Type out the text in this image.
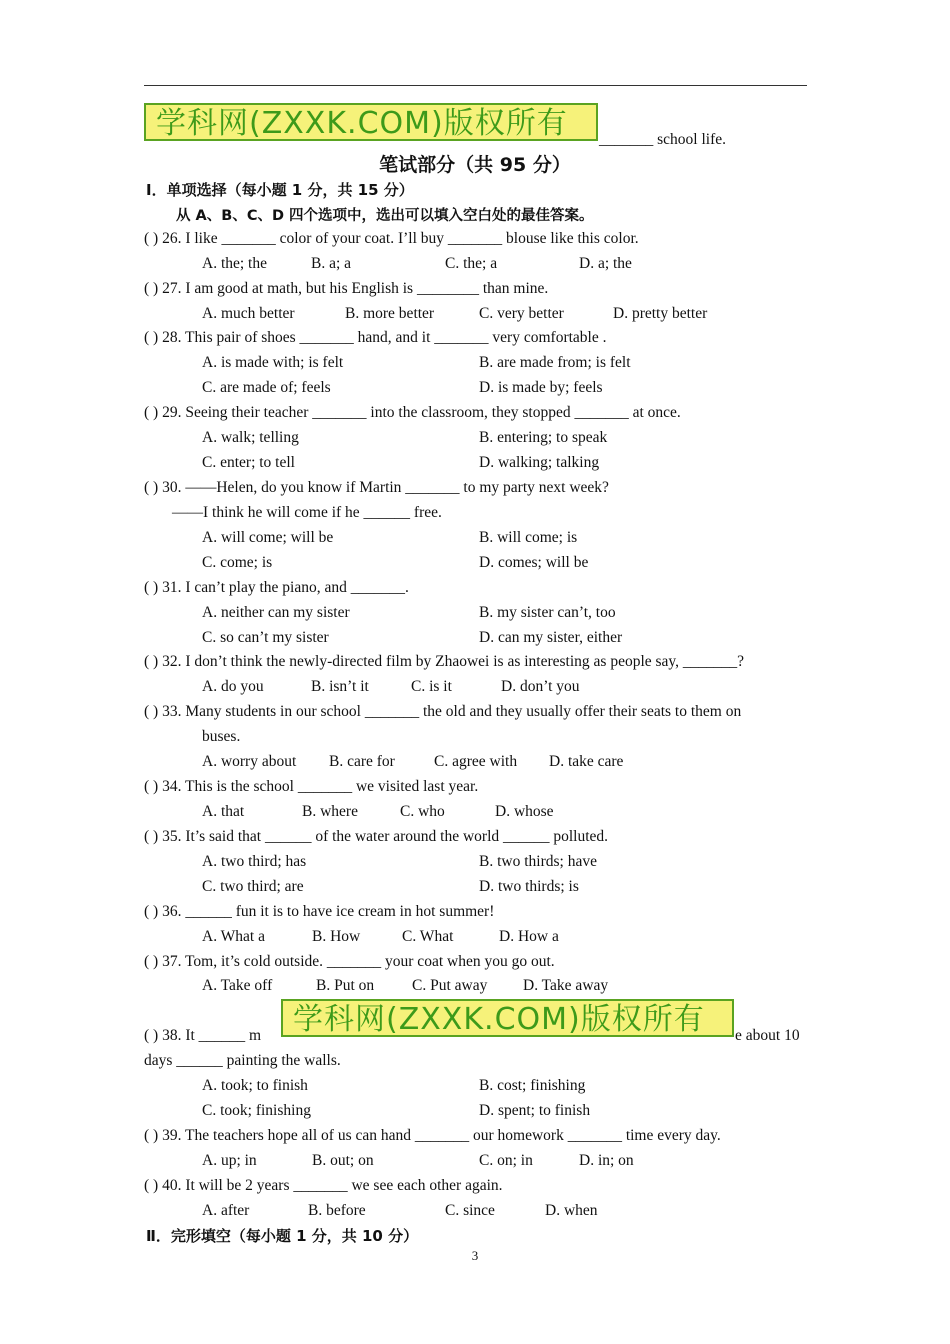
学科网(ZXXK.COM)版权所有	_______ school life.
笔试部分（共 95 分）
Ⅰ．单项选择（每小题 1 分，共 15 分）
从 A、B、C、D 四个选项中，选出可以填入空白处的最佳答案。
( ) 26. I like _______ color of your coat. I’ll buy _______ blouse like this color.
A. the; the	B. a; a	C. the; a	D. a; the
( ) 27. I am good at math, but his English is ________ than mine.
A. much better	B. more better	C. very better	D. pretty better
( ) 28. This pair of shoes _______ hand, and it _______ very comfortable .
A. is made with; is felt	B. are made from; is felt
C. are made of; feels	D. is made by; feels
( ) 29. Seeing their teacher _______ into the classroom, they stopped _______ at once.
A. walk; telling	B. entering; to speak
C. enter; to tell	D. walking; talking
( ) 30. ——Helen, do you know if Martin _______ to my party next week?
——I think he will come if he ______ free.
A. will come; will be	B. will come; is
C. come; is	D. comes; will be
( ) 31. I can’t play the piano, and _______.
A. neither can my sister	B. my sister can’t, too
C. so can’t my sister	D. can my sister, either
( ) 32. I don’t think the newly-directed film by Zhaowei is as interesting as people say, _______?
A. do you	B. isn’t it	C. is it	D. don’t you
( ) 33. Many students in our school _______ the old and they usually offer their seats to them on
buses.
A. worry about B. care for	C. agree with D. take care
( ) 34. This is the school _______ we visited last year.
A. that	B. where	C. who	D. whose
( ) 35. It’s said that ______ of the water around the world ______ polluted.
A. two third; has	B. two thirds; have
C. two third; are	D. two thirds; is
( ) 36. ______ fun it is to have ice cream in hot summer!
A. What a	B. How	C. What	D. How a
( ) 37. Tom, it’s cold outside. _______ your coat when you go out.
A. Take off	B. Put on C. Put away D. Take away
( ) 38. It ______ m	学科网(ZXXK.COM)版权所有	e about 10
days ______ painting the walls.
A. took; to finish	B. cost; finishing
C. took; finishing	D. spent; to finish
( ) 39. The teachers hope all of us can hand _______ our homework _______ time every day.
A. up; in	B. out; on	C. on; in	D. in; on
( ) 40. It will be 2 years _______ we see each other again.
A. after	B. before	C. since	D. when
Ⅱ．完形填空（每小题 1 分，共 10 分）
3
